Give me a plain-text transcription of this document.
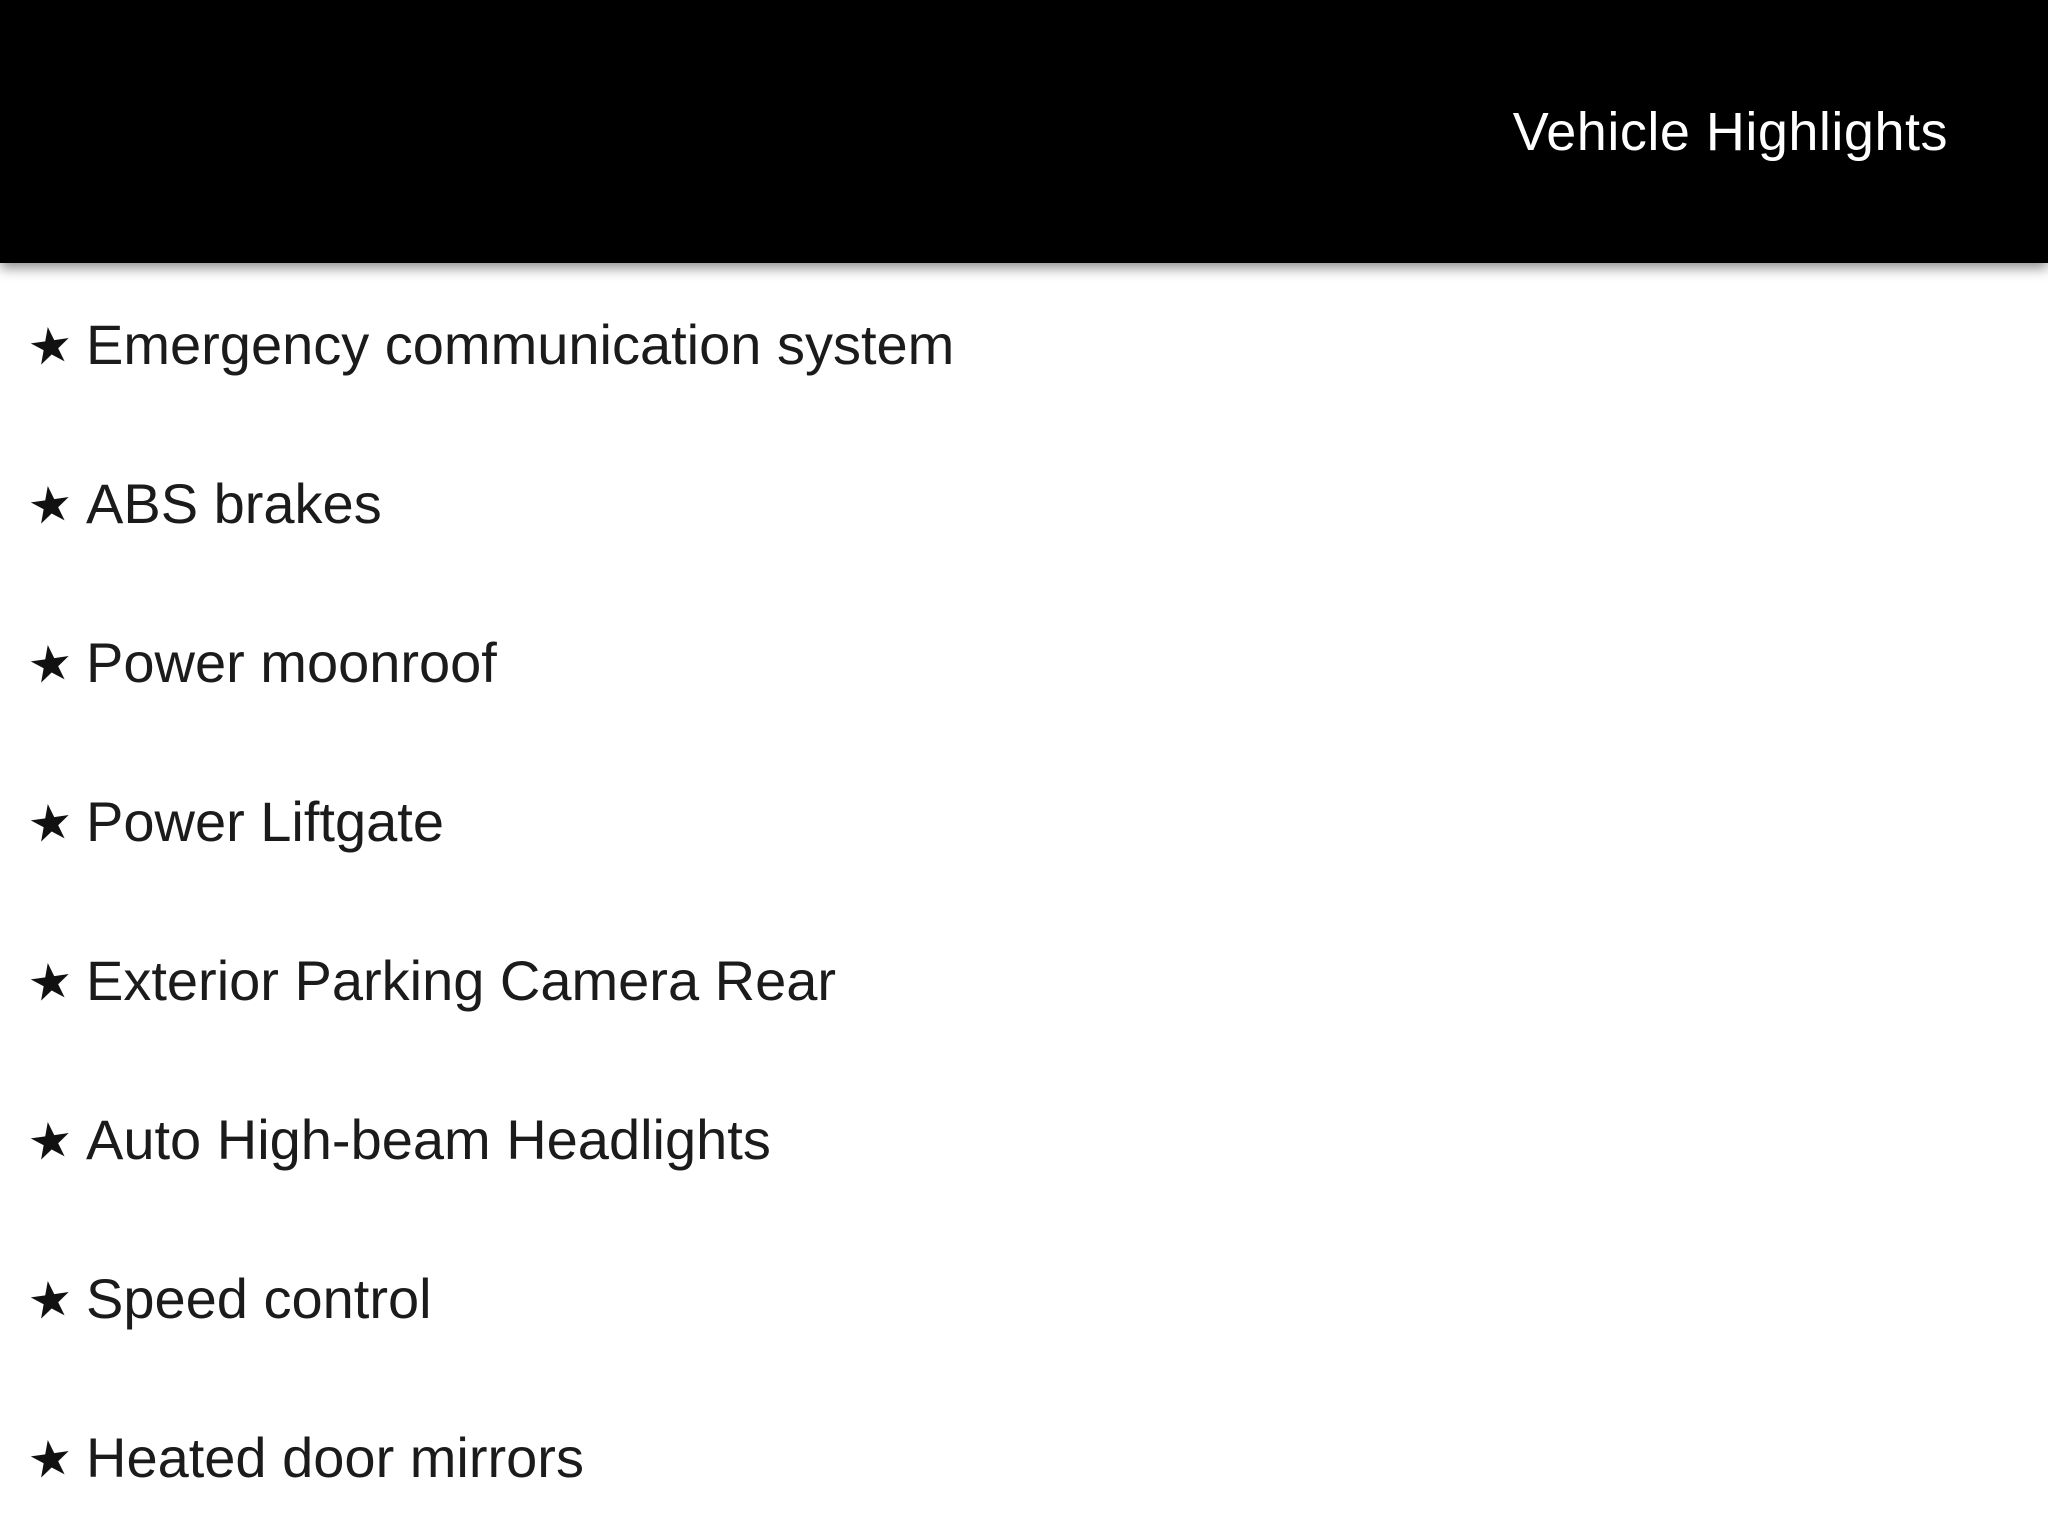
Vehicle Highlights
★ Emergency communication system
★ ABS brakes
★ Power moonroof
★ Power Liftgate
★ Exterior Parking Camera Rear
★ Auto High-beam Headlights
★ Speed control
★ Heated door mirrors
